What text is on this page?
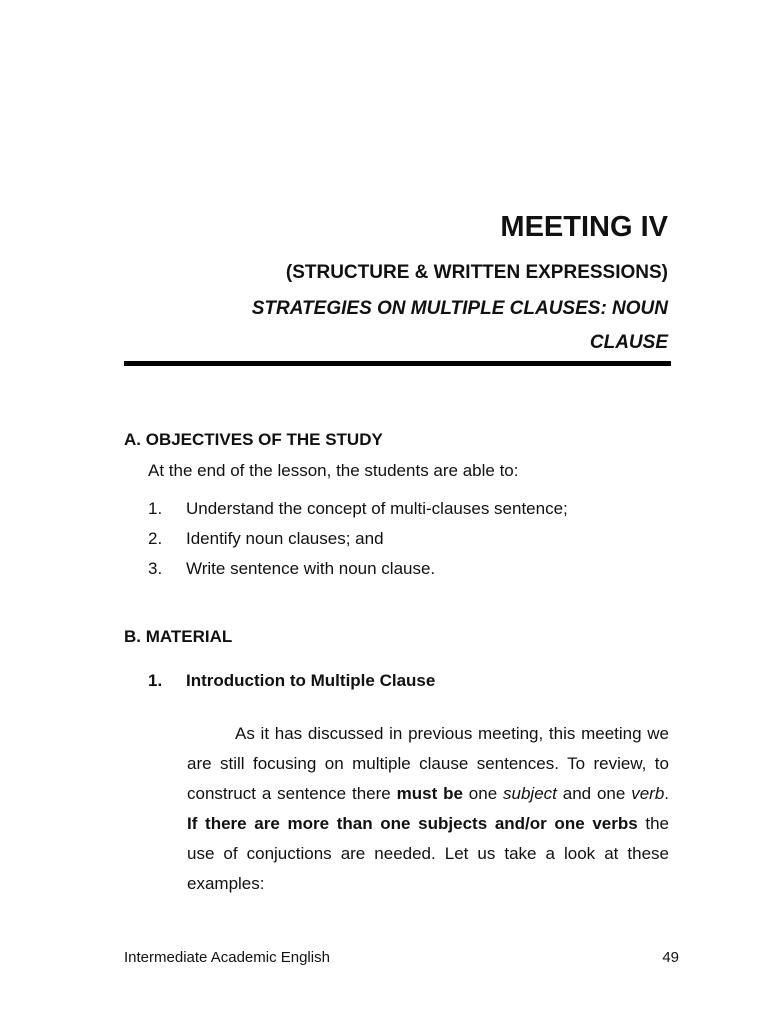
MEETING IV
(STRUCTURE & WRITTEN EXPRESSIONS)
STRATEGIES ON MULTIPLE CLAUSES: NOUN CLAUSE
A. OBJECTIVES OF THE STUDY
At the end of the lesson, the students are able to:
1.	Understand the concept of multi-clauses sentence;
2.	Identify noun clauses; and
3.	Write sentence with noun clause.
B. MATERIAL
1.	Introduction to Multiple Clause

As it has discussed in previous meeting, this meeting we are still focusing on multiple clause sentences. To review, to construct a sentence there must be one subject and one verb. If there are more than one subjects and/or one verbs the use of conjuctions are needed. Let us take a look at these examples:

Intermediate Academic English	49
